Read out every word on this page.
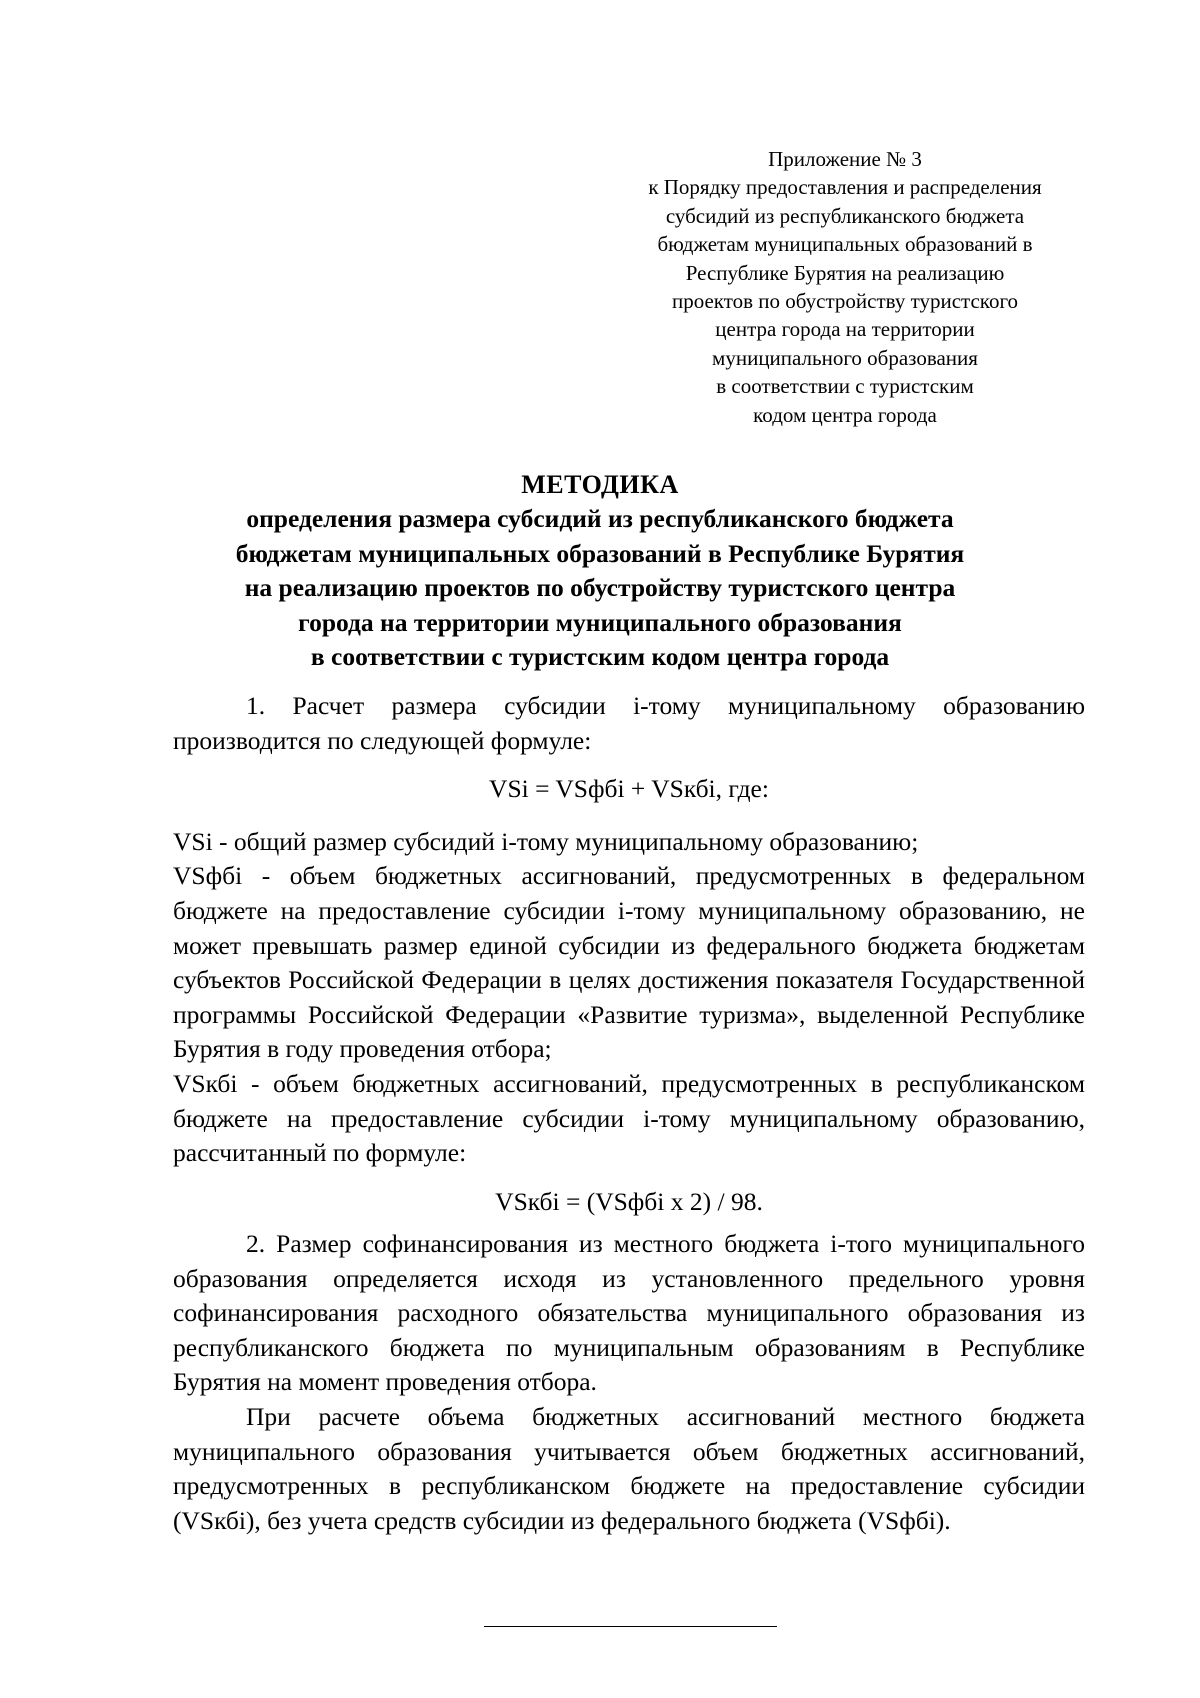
Приложение № 3
к Порядку предоставления и распределения
субсидий из республиканского бюджета
бюджетам муниципальных образований в
Республике Бурятия на реализацию
проектов по обустройству туристского
центра города на территории
муниципального образования
в соответствии с туристским
кодом центра города
МЕТОДИКА
определения размера субсидий из республиканского бюджета
бюджетам муниципальных образований в Республике Бурятия
на реализацию проектов по обустройству туристского центра
города на территории муниципального образования
в соответствии с туристским кодом центра города

1. Расчет размера субсидии i-тому муниципальному образованию производится по следующей формуле:

VSi = VSфбi + VSкбi, где:

VSi - общий размер субсидий i-тому муниципальному образованию;

VSфбi - объем бюджетных ассигнований, предусмотренных в федеральном бюджете на предоставление субсидии i-тому муниципальному образованию, не может превышать размер единой субсидии из федерального бюджета бюджетам субъектов Российской Федерации в целях достижения показателя Государственной программы Российской Федерации «Развитие туризма», выделенной Республике Бурятия в году проведения отбора;

VSкбi - объем бюджетных ассигнований, предусмотренных в республиканском бюджете на предоставление субсидии i-тому муниципальному образованию, рассчитанный по формуле:

VSкбi = (VSфбi x 2) / 98.

2. Размер софинансирования из местного бюджета i-того муниципального образования определяется исходя из установленного предельного уровня софинансирования расходного обязательства муниципального образования из республиканского бюджета по муниципальным образованиям в Республике Бурятия на момент проведения отбора.

При расчете объема бюджетных ассигнований местного бюджета муниципального образования учитывается объем бюджетных ассигнований, предусмотренных в республиканском бюджете на предоставление субсидии (VSкбi), без учета средств субсидии из федерального бюджета (VSфбi).
